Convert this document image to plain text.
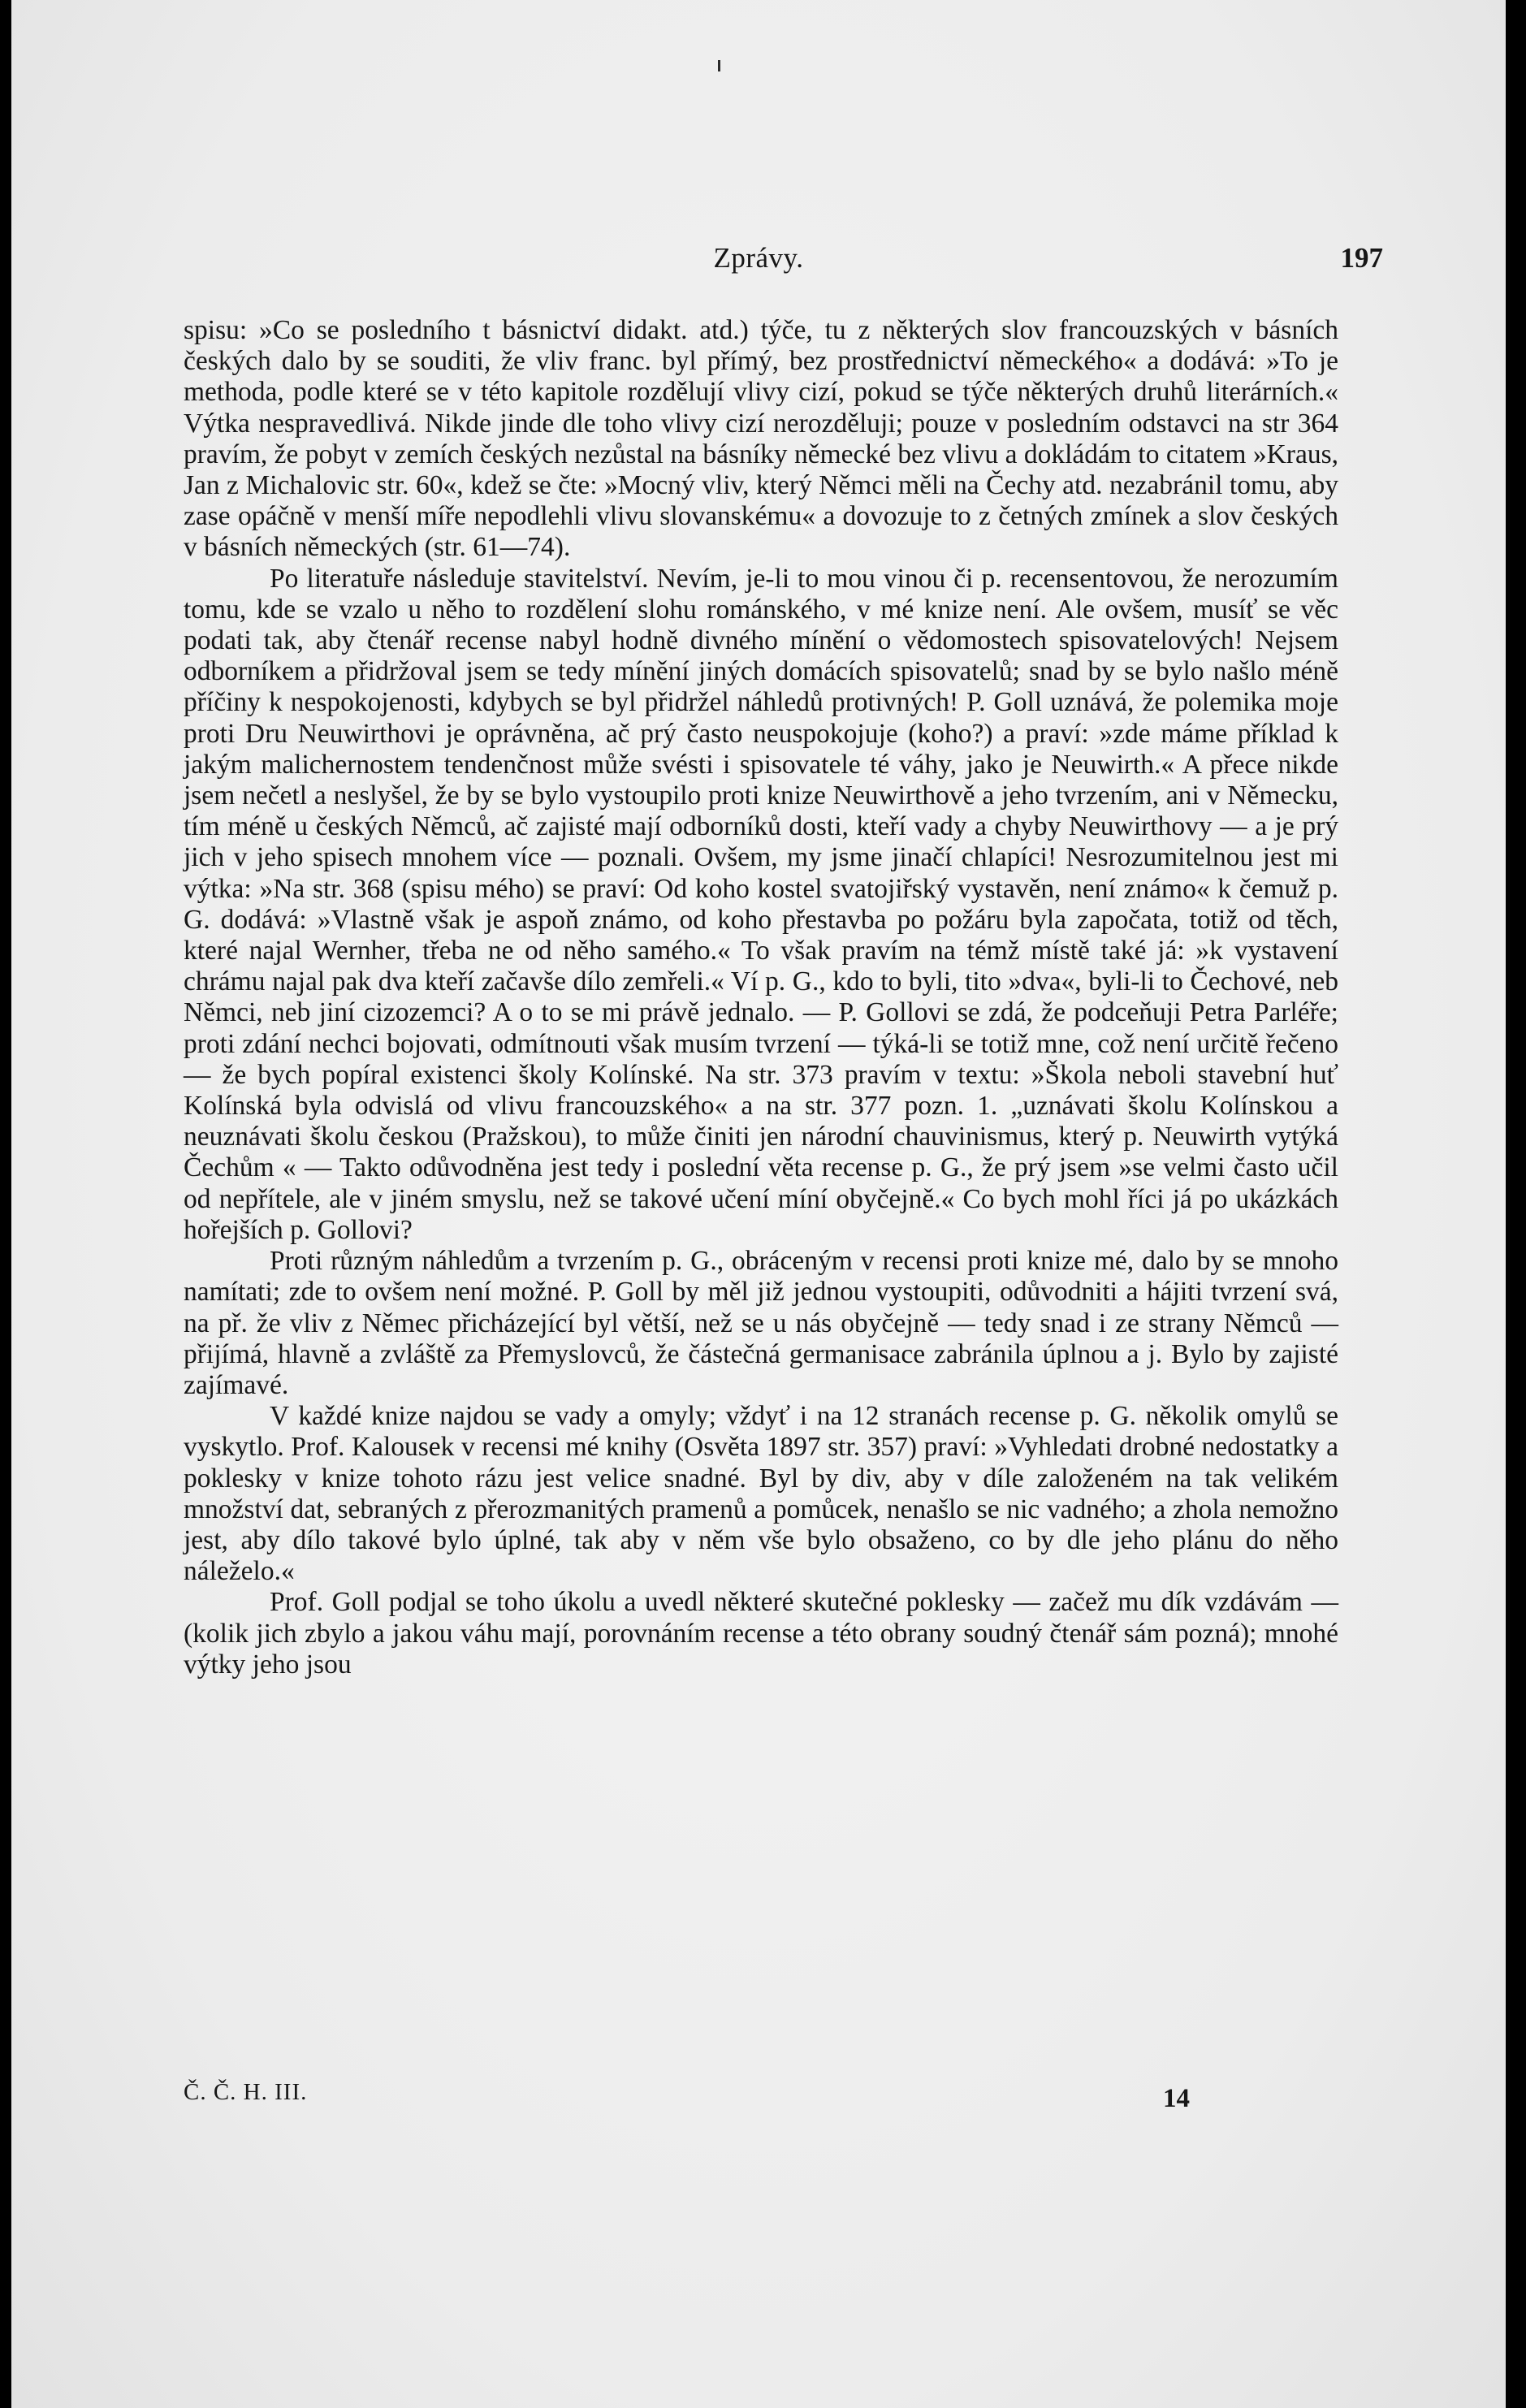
Zprávy.	197

spisu: »Co se posledního t básnictví didakt. atd.) týče, tu z některých slov francouzských v básních českých dalo by se souditi, že vliv franc. byl přímý, bez prostřednictví německého« a dodává: »To je methoda, podle které se v této kapitole rozdělují vlivy cizí, pokud se týče některých druhů literárních.« Výtka nespravedlivá. Nikde jinde dle toho vlivy cizí nerozděluji; pouze v posledním odstavci na str 364 pravím, že pobyt v zemích českých nezůstal na básníky německé bez vlivu a dokládám to citatem »Kraus, Jan z Michalovic str. 60«, kdež se čte: »Mocný vliv, který Němci měli na Čechy atd. nezabránil tomu, aby zase opáčně v menší míře nepodlehli vlivu slovanskému« a dovozuje to z četných zmínek a slov českých v básních německých (str. 61—74).

Po literatuře následuje stavitelství. Nevím, je-li to mou vinou či p. recensentovou, že nerozumím tomu, kde se vzalo u něho to rozdělení slohu románského, v mé knize není. Ale ovšem, musíť se věc podati tak, aby čtenář recense nabyl hodně divného mínění o vědomostech spisovatelových! Nejsem odborníkem a přidržoval jsem se tedy mínění jiných domácích spisovatelů; snad by se bylo našlo méně příčiny k nespokojenosti, kdybych se byl přidržel náhledů protivných! P. Goll uznává, že polemika moje proti Dru Neuwirthovi je oprávněna, ač prý často neuspokojuje (koho?) a praví: »zde máme příklad k jakým malichernostem tendenčnost může svésti i spisovatele té váhy, jako je Neuwirth.« A přece nikde jsem nečetl a neslyšel, že by se bylo vystoupilo proti knize Neuwirthově a jeho tvrzením, ani v Německu, tím méně u českých Němců, ač zajisté mají odborníků dosti, kteří vady a chyby Neuwirthovy — a je prý jich v jeho spisech mnohem více — poznali. Ovšem, my jsme jinačí chlapíci! Nesrozumitelnou jest mi výtka: »Na str. 368 (spisu mého) se praví: Od koho kostel svatojiřský vystavěn, není známo« k čemuž p. G. dodává: »Vlastně však je aspoň známo, od koho přestavba po požáru byla započata, totiž od těch, které najal Wernher, třeba ne od něho samého.« To však pravím na témž místě také já: »k vystavení chrámu najal pak dva kteří začavše dílo zemřeli.« Ví p. G., kdo to byli, tito »dva«, byli-li to Čechové, neb Němci, neb jiní cizozemci? A o to se mi právě jednalo. — P. Gollovi se zdá, že podceňuji Petra Parléře; proti zdání nechci bojovati, odmítnouti však musím tvrzení — týká-li se totiž mne, což není určitě řečeno — že bych popíral existenci školy Kolínské. Na str. 373 pravím v textu: »Škola neboli stavební huť Kolínská byla odvislá od vlivu francouzského« a na str. 377 pozn. 1. „uznávati školu Kolínskou a neuznávati školu českou (Pražskou), to může činiti jen národní chauvinismus, který p. Neuwirth vytýká Čechům « — Takto odůvodněna jest tedy i poslední věta recense p. G., že prý jsem »se velmi často učil od nepřítele, ale v jiném smyslu, než se takové učení míní obyčejně.« Co bych mohl říci já po ukázkách hořejších p. Gollovi?

Proti různým náhledům a tvrzením p. G., obráceným v recensi proti knize mé, dalo by se mnoho namítati; zde to ovšem není možné. P. Goll by měl již jednou vystoupiti, odůvodniti a hájiti tvrzení svá, na př. že vliv z Němec přicházející byl větší, než se u nás obyčejně — tedy snad i ze strany Němců — přijímá, hlavně a zvláště za Přemyslovců, že částečná germanisace zabránila úplnou a j. Bylo by zajisté zajímavé.

V každé knize najdou se vady a omyly; vždyť i na 12 stranách recense p. G. několik omylů se vyskytlo. Prof. Kalousek v recensi mé knihy (Osvěta 1897 str. 357) praví: »Vyhledati drobné nedostatky a poklesky v knize tohoto rázu jest velice snadné. Byl by div, aby v díle založeném na tak velikém množství dat, sebraných z přerozmanitých pramenů a pomůcek, nenašlo se nic vadného; a zhola nemožno jest, aby dílo takové bylo úplné, tak aby v něm vše bylo obsaženo, co by dle jeho plánu do něho náleželo.«

Prof. Goll podjal se toho úkolu a uvedl některé skutečné poklesky — začež mu dík vzdávám — (kolik jich zbylo a jakou váhu mají, porovnáním recense a této obrany soudný čtenář sám pozná); mnohé výtky jeho jsou

Č. Č. H. III.	14
